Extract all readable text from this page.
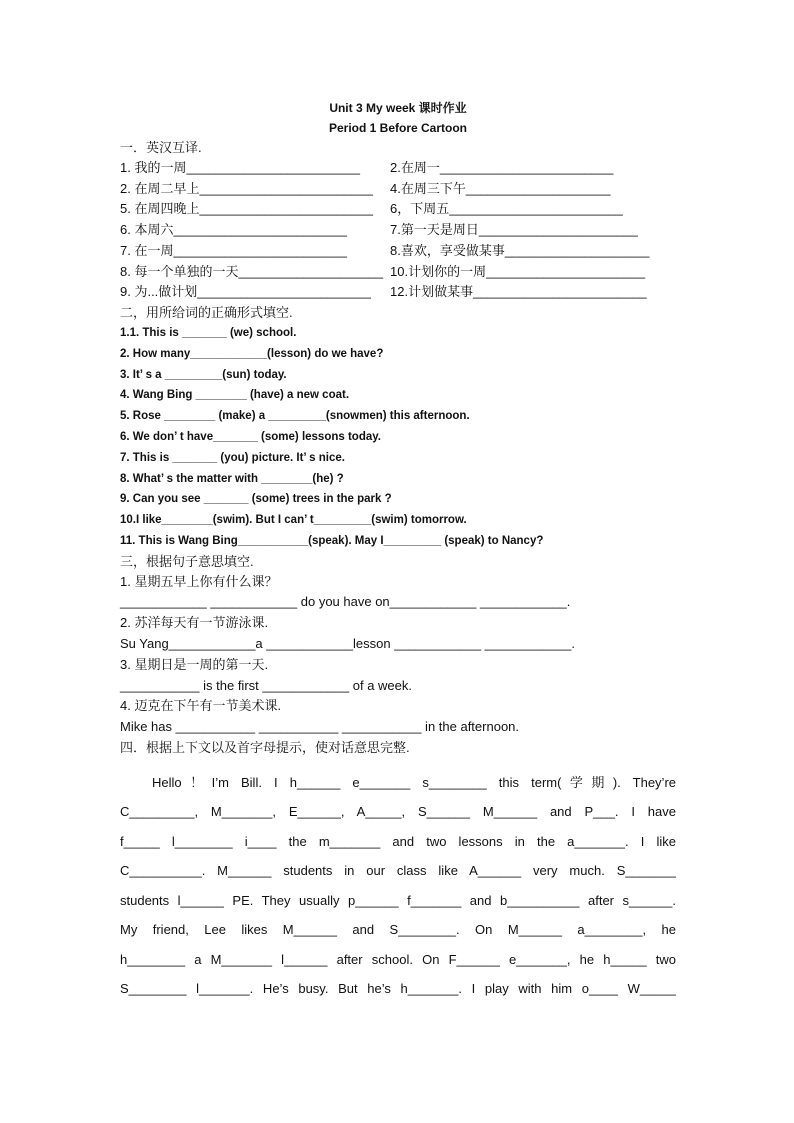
Unit 3 My week 课时作业
Period 1 Before Cartoon
一．英汉互译.
1. 我的一周________________________	2.在周一________________________
2. 在周二早上________________________	4.在周三下午____________________
5. 在周四晚上________________________	6，下周五________________________
6. 本周六________________________	7.第一天是周日______________________
7. 在一周________________________	8.喜欢，享受做某事____________________
8. 每一个单独的一天____________________ 10.计划你的一周______________________
9. 为...做计划________________________	12.计划做某事________________________
二，用所给词的正确形式填空.
1.1. This is _______ (we) school.
2. How many____________(lesson) do we have?
3. It’ s a _________(sun) today.
4. Wang Bing ________ (have) a new coat.
5. Rose ________ (make) a _________(snowmen) this afternoon.
6. We don’ t have_______ (some) lessons today.
7. This is _______ (you) picture. It’ s nice.
8. What’ s the matter with ________(he) ?
9. Can you see _______ (some) trees in the park ?
10.I like________(swim). But I can’ t_________(swim) tomorrow.
11. This is Wang Bing___________(speak). May I_________ (speak) to Nancy?
三，根据句子意思填空.
1. 星期五早上你有什么课？
____________ ____________ do you have on____________ ____________.
2. 苏洋每天有一节游泳课.
Su Yang____________a ____________lesson ____________ ____________.
3. 星期日是一周的第一天.
___________ is the first ____________ of a week.
4. 迈克在下午有一节美术课.
Mike has ___________ ___________ ___________ in the afternoon.
四．根据上下文以及首字母提示，使对话意思完整.
Hello！I’m Bill. I h______ e_______ s________ this term(学期). They’re
C_________, M_______, E______, A_____, S______ M______ and P___. I have
f_____ l________ i____ the m_______ and two lessons in the a_______. I like
C__________. M______ students in our class like A______ very much. S_______
students l______ PE. They usually p______ f_______ and b__________ after s______.
My friend, Lee likes M______ and S________. On M______ a________, he
h________ a M_______ l______ after school. On F______ e_______, he h_____ two
S________ l_______. He’s busy. But he’s h_______. I play with him o____ W_____
